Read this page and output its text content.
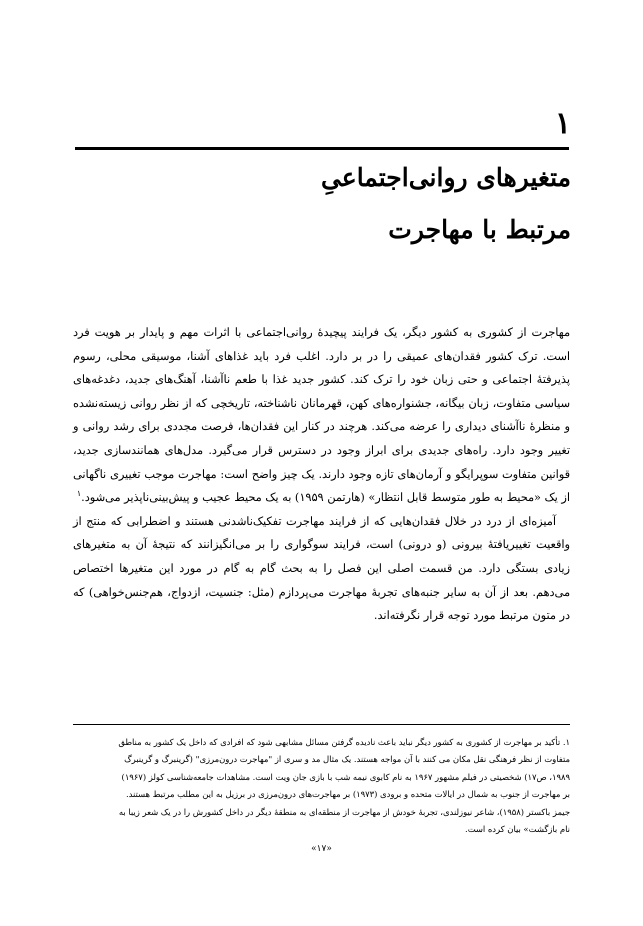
۱
متغیرهای روانی‌اجتماعیِ
مرتبط با مهاجرت

مهاجرت از کشوری به کشور دیگر، یک فرایند پیچیدهٔ روانی‌اجتماعی با اثرات مهم و پایدار بر هویت فرد است. ترک کشور فقدان‌های عمیقی را در بر دارد. اغلب فرد باید غذاهای آشنا، موسیقی محلی، رسوم پذیرفتهٔ اجتماعی و حتی زبان خود را ترک کند. کشور جدید غذا با طعم ناآشنا، آهنگ‌های جدید، دغدغه‌های سیاسی متفاوت، زبان بیگانه، جشنواره‌های کهن، قهرمانان ناشناخته، تاریخچی که از نظر روانی زیسته‌نشده و منظرهٔ ناآشنای دیداری را عرضه می‌کند. هرچند در کنار این فقدان‌ها، فرصت مجددی برای رشد روانی و تغییر وجود دارد. راه‌های جدیدی برای ابراز وجود در دسترس قرار می‌گیرد. مدل‌های همانندسازی جدید، قوانین متفاوت سوپرایگو و آرمان‌های تازه وجود دارند. یک چیز واضح است: مهاجرت موجب تغییری ناگهانی از یک «محیط به طور متوسط قابل انتظار» (هارتمن ۱۹۵۹) به یک محیط عجیب و پیش‌بینی‌ناپذیر می‌شود.$^۱$

آمیزه‌ای از درد در خلال فقدان‌هایی که از فرایند مهاجرت تفکیک‌ناشدنی هستند و اضطرابی که منتج از واقعیت تغییریافتهٔ بیرونی (و درونی) است، فرایند سوگواری را بر می‌انگیزانند که نتیجهٔ آن به متغیرهای زیادی بستگی دارد. من قسمت اصلی این فصل را به بحث گام به گام در مورد این متغیرها اختصاص می‌دهم. بعد از آن به سایر جنبه‌های تجربهٔ مهاجرت می‌پردازم (مثل: جنسیت، ازدواج، هم‌جنس‌خواهی) که در متون مرتبط مورد توجه قرار نگرفته‌اند.

۱. تأکید بر مهاجرت از کشوری به کشور دیگر نباید باعث نادیده گرفتن مسائل مشابهی شود که افرادی که داخل یک کشور به مناطق

متفاوت از نظر فرهنگی نقل مکان می کنند با آن مواجه هستند. یک مثال مد و سری از "مهاجرت درون‌مرزی" (گرینبرگ و گرینبرگ

۱۹۸۹، ص۱۷) شخصیتی در فیلم مشهور ۱۹۶۷ به نام کابوی نیمه شب با بازی جان ویت است. مشاهدات جامعه‌شناسی کولز (۱۹۶۷)

بر مهاجرت از جنوب به شمال در ایالات متحده و برودی (۱۹۷۳) بر مهاجرت‌های درون‌مرزی در برزیل به این مطلب مرتبط هستند.

جیمز باکستر (۱۹۵۸)، شاعر نیوزلندی، تجربهٔ خودش از مهاجرت از منطقه‌ای به منطقهٔ دیگر در داخل کشورش را در یک شعر زیبا به

نام بازگشت» بیان کرده است.

«۱۷»
